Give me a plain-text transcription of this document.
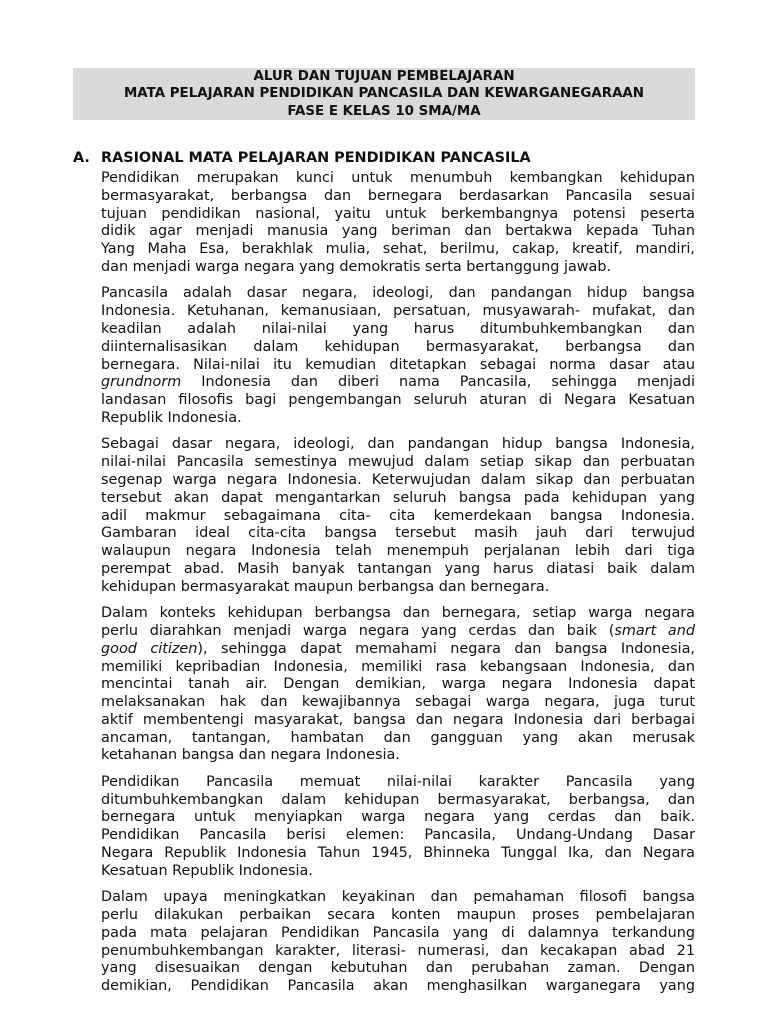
ALUR DAN TUJUAN PEMBELAJARAN
MATA PELAJARAN PENDIDIKAN PANCASILA DAN KEWARGANEGARAAN
FASE E KELAS 10 SMA/MA
A. RASIONAL MATA PELAJARAN PENDIDIKAN PANCASILA
Pendidikan merupakan kunci untuk menumbuh kembangkan kehidupan
bermasyarakat, berbangsa dan bernegara berdasarkan Pancasila sesuai
tujuan pendidikan nasional, yaitu untuk berkembangnya potensi peserta
didik agar menjadi manusia yang beriman dan bertakwa kepada Tuhan
Yang Maha Esa, berakhlak mulia, sehat, berilmu, cakap, kreatif, mandiri,
dan menjadi warga negara yang demokratis serta bertanggung jawab.
Pancasila adalah dasar negara, ideologi, dan pandangan hidup bangsa
Indonesia. Ketuhanan, kemanusiaan, persatuan, musyawarah- mufakat, dan
keadilan adalah nilai-nilai yang harus ditumbuhkembangkan dan
diinternalisasikan dalam kehidupan bermasyarakat, berbangsa dan
bernegara. Nilai-nilai itu kemudian ditetapkan sebagai norma dasar atau
grundnorm Indonesia dan diberi nama Pancasila, sehingga menjadi
landasan filosofis bagi pengembangan seluruh aturan di Negara Kesatuan
Republik Indonesia.
Sebagai dasar negara, ideologi, dan pandangan hidup bangsa Indonesia,
nilai-nilai Pancasila semestinya mewujud dalam setiap sikap dan perbuatan
segenap warga negara Indonesia. Keterwujudan dalam sikap dan perbuatan
tersebut akan dapat mengantarkan seluruh bangsa pada kehidupan yang
adil makmur sebagaimana cita- cita kemerdekaan bangsa Indonesia.
Gambaran ideal cita-cita bangsa tersebut masih jauh dari terwujud
walaupun negara Indonesia telah menempuh perjalanan lebih dari tiga
perempat abad. Masih banyak tantangan yang harus diatasi baik dalam
kehidupan bermasyarakat maupun berbangsa dan bernegara.
Dalam konteks kehidupan berbangsa dan bernegara, setiap warga negara
perlu diarahkan menjadi warga negara yang cerdas dan baik (smart and
good citizen), sehingga dapat memahami negara dan bangsa Indonesia,
memiliki kepribadian Indonesia, memiliki rasa kebangsaan Indonesia, dan
mencintai tanah air. Dengan demikian, warga negara Indonesia dapat
melaksanakan hak dan kewajibannya sebagai warga negara, juga turut
aktif membentengi masyarakat, bangsa dan negara Indonesia dari berbagai
ancaman, tantangan, hambatan dan gangguan yang akan merusak
ketahanan bangsa dan negara Indonesia.
Pendidikan Pancasila memuat nilai-nilai karakter Pancasila yang
ditumbuhkembangkan dalam kehidupan bermasyarakat, berbangsa, dan
bernegara untuk menyiapkan warga negara yang cerdas dan baik.
Pendidikan Pancasila berisi elemen: Pancasila, Undang-Undang Dasar
Negara Republik Indonesia Tahun 1945, Bhinneka Tunggal Ika, dan Negara
Kesatuan Republik Indonesia.
Dalam upaya meningkatkan keyakinan dan pemahaman filosofi bangsa
perlu dilakukan perbaikan secara konten maupun proses pembelajaran
pada mata pelajaran Pendidikan Pancasila yang di dalamnya terkandung
penumbuhkembangan karakter, literasi- numerasi, dan kecakapan abad 21
yang disesuaikan dengan kebutuhan dan perubahan zaman. Dengan
demikian, Pendidikan Pancasila akan menghasilkan warganegara yang
